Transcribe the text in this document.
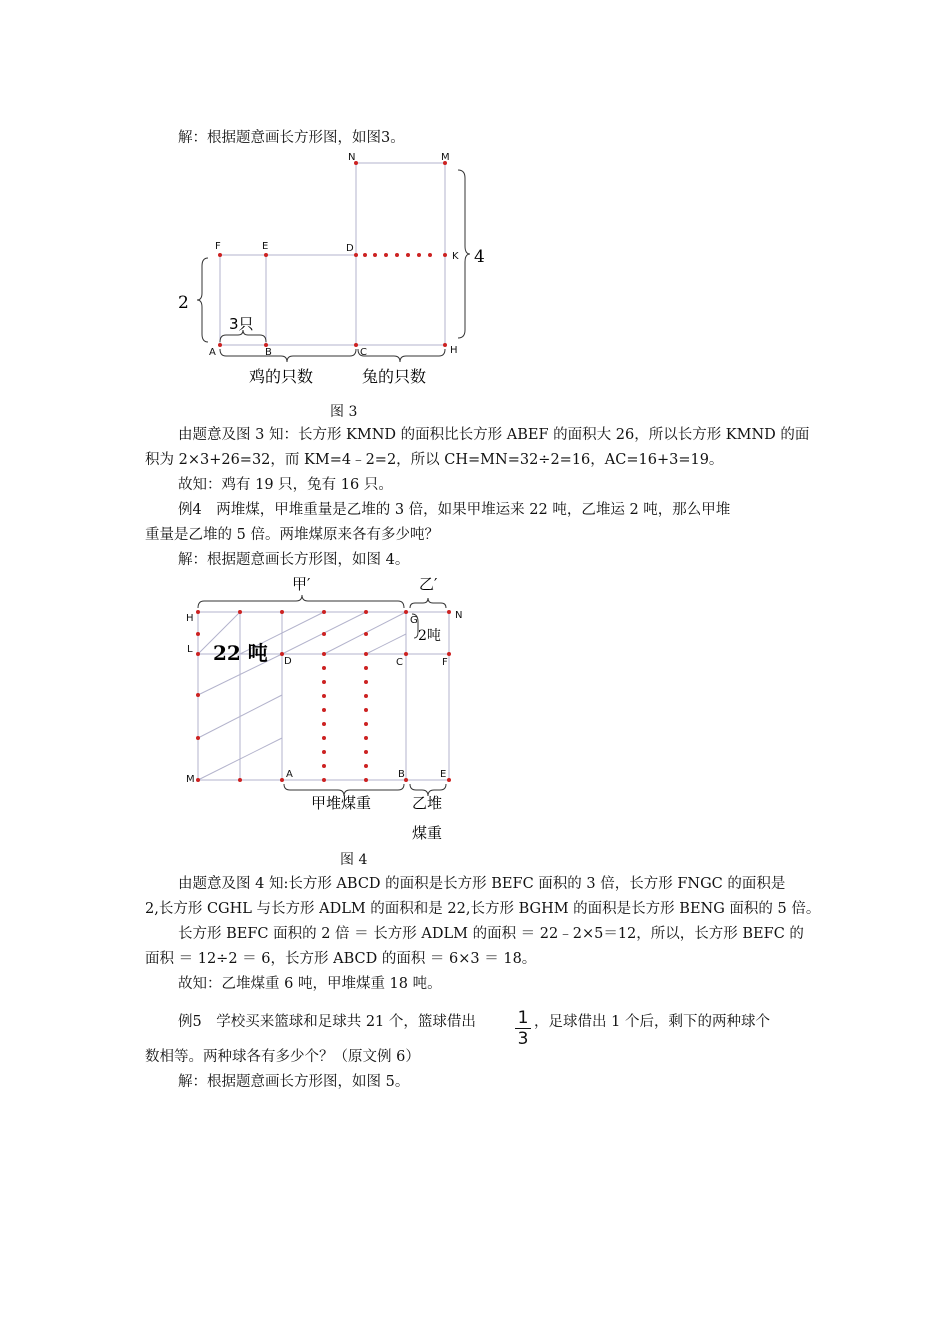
解：根据题意画长方形图，如图3。
A	B	C	H
F	E	D
K
N	M
2
4
3只
鸡的只数	兔的只数
图 3
由题意及图 3 知：长方形 KMND 的面积比长方形 ABEF 的面积大 26，所以长方形 KMND 的面
积为 2×3+26=32，而 KM=4﹣2=2，所以 CH=MN=32÷2=16，AC=16+3=19。
故知：鸡有 19 只，兔有 16 只。
例4　两堆煤，甲堆重量是乙堆的 3 倍，如果甲堆运来 22 吨，乙堆运 2 吨，那么甲堆
重量是乙堆的 5 倍。两堆煤原来各有多少吨？
解：根据题意画长方形图，如图 4。
H
L
M
D
A
G
C
B
N
F
E
甲′	乙′
22 吨
2吨
甲堆煤重	乙堆
煤重
图 4
由题意及图 4 知:长方形 ABCD 的面积是长方形 BEFC 面积的 3 倍，长方形 FNGC 的面积是
2,长方形 CGHL 与长方形 ADLM 的面积和是 22,长方形 BGHM 的面积是长方形 BENG 面积的 5 倍。
长方形 BEFC 面积的 2 倍 ＝ 长方形 ADLM 的面积 ＝ 22﹣2×5＝12，所以，长方形 BEFC 的
面积 ＝ 12÷2 ＝ 6，长方形 ABCD 的面积 ＝ 6×3 ＝ 18。
故知：乙堆煤重 6 吨，甲堆煤重 18 吨。
例5　学校买来篮球和足球共 21 个，篮球借出 1
3
，足球借出 1 个后，剩下的两种球个
数相等。两种球各有多少个？（原文例 6）
解：根据题意画长方形图，如图 5。
